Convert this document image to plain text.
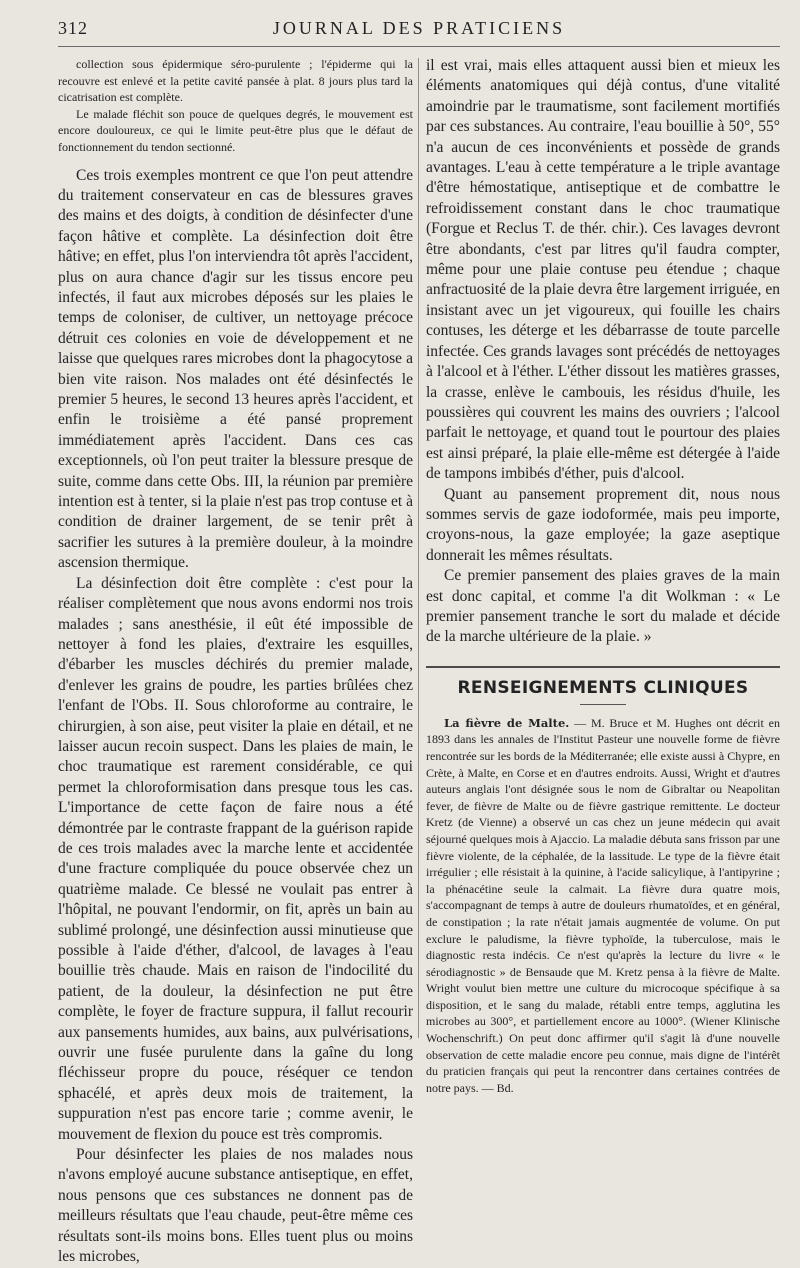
312	JOURNAL DES PRATICIENS

collection sous épidermique séro-purulente ; l'épiderme qui la recouvre est enlevé et la petite cavité pansée à plat. 8 jours plus tard la cicatrisation est complète.

Le malade fléchit son pouce de quelques degrés, le mouvement est encore douloureux, ce qui le limite peut-être plus que le défaut de fonctionnement du tendon sectionné.

Ces trois exemples montrent ce que l'on peut attendre du traitement conservateur en cas de blessures graves des mains et des doigts, à condition de désinfecter d'une façon hâtive et complète. La désinfection doit être hâtive; en effet, plus l'on interviendra tôt après l'accident, plus on aura chance d'agir sur les tissus encore peu infectés, il faut aux microbes déposés sur les plaies le temps de coloniser, de cultiver, un nettoyage précoce détruit ces colonies en voie de développement et ne laisse que quelques rares microbes dont la phagocytose a bien vite raison. Nos malades ont été désinfectés le premier 5 heures, le second 13 heures après l'accident, et enfin le troisième a été pansé proprement immédiatement après l'accident. Dans ces cas exceptionnels, où l'on peut traiter la blessure presque de suite, comme dans cette Obs. III, la réunion par première intention est à tenter, si la plaie n'est pas trop contuse et à condition de drainer largement, de se tenir prêt à sacrifier les sutures à la première douleur, à la moindre ascension thermique.

La désinfection doit être complète : c'est pour la réaliser complètement que nous avons endormi nos trois malades ; sans anesthésie, il eût été impossible de nettoyer à fond les plaies, d'extraire les esquilles, d'ébarber les muscles déchirés du premier malade, d'enlever les grains de poudre, les parties brûlées chez l'enfant de l'Obs. II. Sous chloroforme au contraire, le chirurgien, à son aise, peut visiter la plaie en détail, et ne laisser aucun recoin suspect. Dans les plaies de main, le choc traumatique est rarement considérable, ce qui permet la chloroformisation dans presque tous les cas. L'importance de cette façon de faire nous a été démontrée par le contraste frappant de la guérison rapide de ces trois malades avec la marche lente et accidentée d'une fracture compliquée du pouce observée chez un quatrième malade. Ce blessé ne voulait pas entrer à l'hôpital, ne pouvant l'endormir, on fit, après un bain au sublimé prolongé, une désinfection aussi minutieuse que possible à l'aide d'éther, d'alcool, de lavages à l'eau bouillie très chaude. Mais en raison de l'indocilité du patient, de la douleur, la désinfection ne put être complète, le foyer de fracture suppura, il fallut recourir aux pansements humides, aux bains, aux pulvérisations, ouvrir une fusée purulente dans la gaîne du long fléchisseur propre du pouce, réséquer ce tendon sphacélé, et après deux mois de traitement, la suppuration n'est pas encore tarie ; comme avenir, le mouvement de flexion du pouce est très compromis.

Pour désinfecter les plaies de nos malades nous n'avons employé aucune substance antiseptique, en effet, nous pensons que ces substances ne donnent pas de meilleurs résultats que l'eau chaude, peut-être même ces résultats sont-ils moins bons. Elles tuent plus ou moins les microbes,

il est vrai, mais elles attaquent aussi bien et mieux les éléments anatomiques qui déjà contus, d'une vitalité amoindrie par le traumatisme, sont facilement mortifiés par ces substances. Au contraire, l'eau bouillie à 50°, 55° n'a aucun de ces inconvénients et possède de grands avantages. L'eau à cette température a le triple avantage d'être hémostatique, antiseptique et de combattre le refroidissement constant dans le choc traumatique (Forgue et Reclus T. de thér. chir.). Ces lavages devront être abondants, c'est par litres qu'il faudra compter, même pour une plaie contuse peu étendue ; chaque anfractuosité de la plaie devra être largement irriguée, en insistant avec un jet vigoureux, qui fouille les chairs contuses, les déterge et les débarrasse de toute parcelle infectée. Ces grands lavages sont précédés de nettoyages à l'alcool et à l'éther. L'éther dissout les matières grasses, la crasse, enlève le cambouis, les résidus d'huile, les poussières qui couvrent les mains des ouvriers ; l'alcool parfait le nettoyage, et quand tout le pourtour des plaies est ainsi préparé, la plaie elle-même est détergée à l'aide de tampons imbibés d'éther, puis d'alcool.

Quant au pansement proprement dit, nous nous sommes servis de gaze iodoformée, mais peu importe, croyons-nous, la gaze employée; la gaze aseptique donnerait les mêmes résultats.

Ce premier pansement des plaies graves de la main est donc capital, et comme l'a dit Wolkman : « Le premier pansement tranche le sort du malade et décide de la marche ultérieure de la plaie. »

RENSEIGNEMENTS CLINIQUES

La fièvre de Malte. — M. Bruce et M. Hughes ont décrit en 1893 dans les annales de l'Institut Pasteur une nouvelle forme de fièvre rencontrée sur les bords de la Méditerranée; elle existe aussi à Chypre, en Crète, à Malte, en Corse et en d'autres endroits. Aussi, Wright et d'autres auteurs anglais l'ont désignée sous le nom de Gibraltar ou Neapolitan fever, de fièvre de Malte ou de fièvre gastrique remittente. Le docteur Kretz (de Vienne) a observé un cas chez un jeune médecin qui avait séjourné quelques mois à Ajaccio. La maladie débuta sans frisson par une fièvre violente, de la céphalée, de la lassitude. Le type de la fièvre était irrégulier ; elle résistait à la quinine, à l'acide salicylique, à l'antipyrine ; la phénacétine seule la calmait. La fièvre dura quatre mois, s'accompagnant de temps à autre de douleurs rhumatoïdes, et en général, de constipation ; la rate n'était jamais augmentée de volume. On put exclure le paludisme, la fièvre typhoïde, la tuberculose, mais le diagnostic resta indécis. Ce n'est qu'après la lecture du livre « le sérodiagnostic » de Bensaude que M. Kretz pensa à la fièvre de Malte. Wright voulut bien mettre une culture du microcoque spécifique à sa disposition, et le sang du malade, rétabli entre temps, agglutina les microbes au 300°, et partiellement encore au 1000°. (Wiener Klinische Wochenschrift.) On peut donc affirmer qu'il s'agit là d'une nouvelle observation de cette maladie encore peu connue, mais digne de l'intérêt du praticien français qui peut la rencontrer dans certaines contrées de notre pays. — Bd.
